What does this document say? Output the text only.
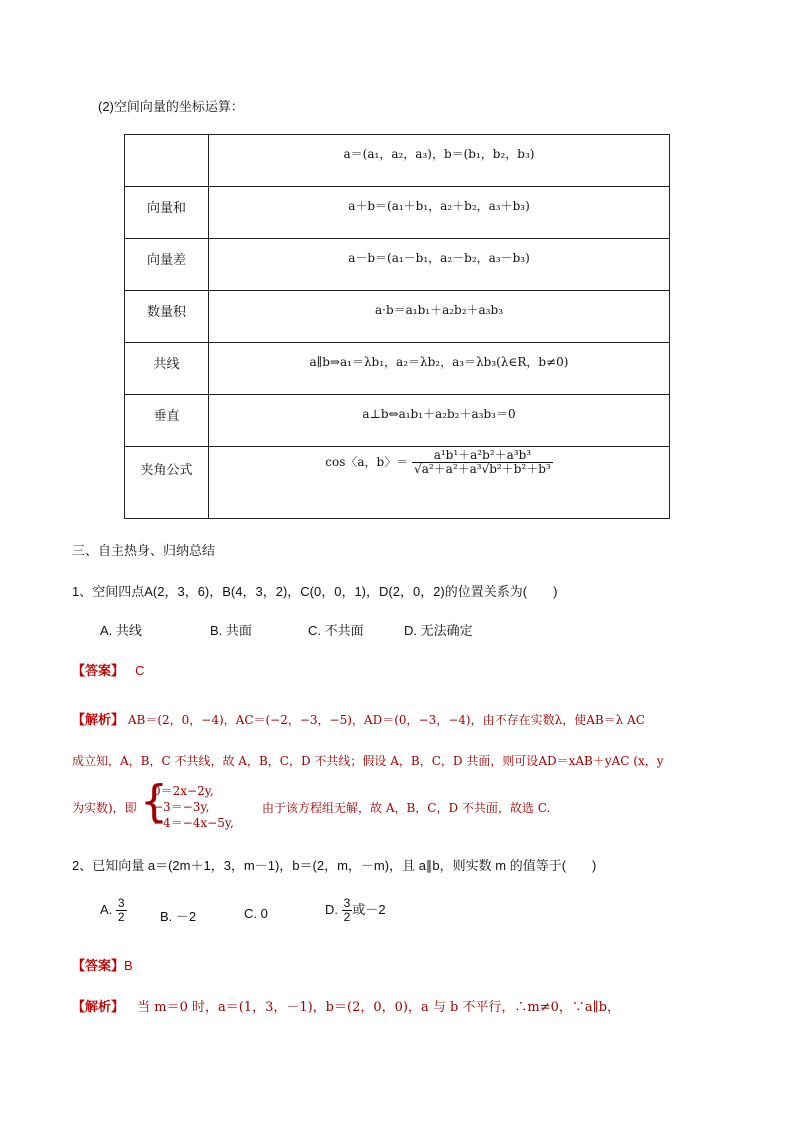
(2)空间向量的坐标运算：
	a＝(a₁，a₂，a₃)，b＝(b₁，b₂，b₃)
向量和	a＋b＝(a₁＋b₁，a₂＋b₂，a₃＋b₃)
向量差	a－b＝(a₁－b₁，a₂－b₂，a₃－b₃)
数量积	a·b＝a₁b₁＋a₂b₂＋a₃b₃
共线	a∥b⇒a₁＝λb₁，a₂＝λb₂，a₃＝λb₃(λ∈R，b≠0)
垂直	a⊥b⇔a₁b₁＋a₂b₂＋a₃b₃＝0
夹角公式	cos〈a，b〉＝ $\frac{\text{a¹b¹＋a²b²＋a³b³}}{\text{√a²＋a²＋a³√b²＋b²＋b³}}$
三、自主热身、归纳总结
1、空间四点A(2，3，6)，B(4，3，2)，C(0，0，1)，D(2，0，2)的位置关系为(　　)
A. 共线	B. 共面	C. 不共面	D. 无法确定
【答案】 C
【解析】 AB＝(2，0，−4)，AC＝(−2，−3，−5)，AD＝(0，−3，−4)，由不存在实数λ，使AB＝λ AC
成立知，A，B，C 不共线，故 A，B，C，D 不共线；假设 A，B，C，D 共面，则可设AD＝xAB＋yAC (x，y
为实数)，即 {
0＝2x−2y,
−3＝−3y,
−4＝−4x−5y,
由于该方程组无解，故 A，B，C，D 不共面，故选 C.
2、已知向量 a＝(2m＋1，3，m－1)，b＝(2，m，－m)，且 a∥b，则实数 m 的值等于(　　)
A. $\frac{3}{2}$	B. －2	C. 0	D. $\frac{3}{2}$ 或－2
【答案】B
【解析】 当 m＝0 时，a＝(1，3，－1)，b＝(2，0，0)，a 与 b 不平行，∴m≠0，∵a∥b，
